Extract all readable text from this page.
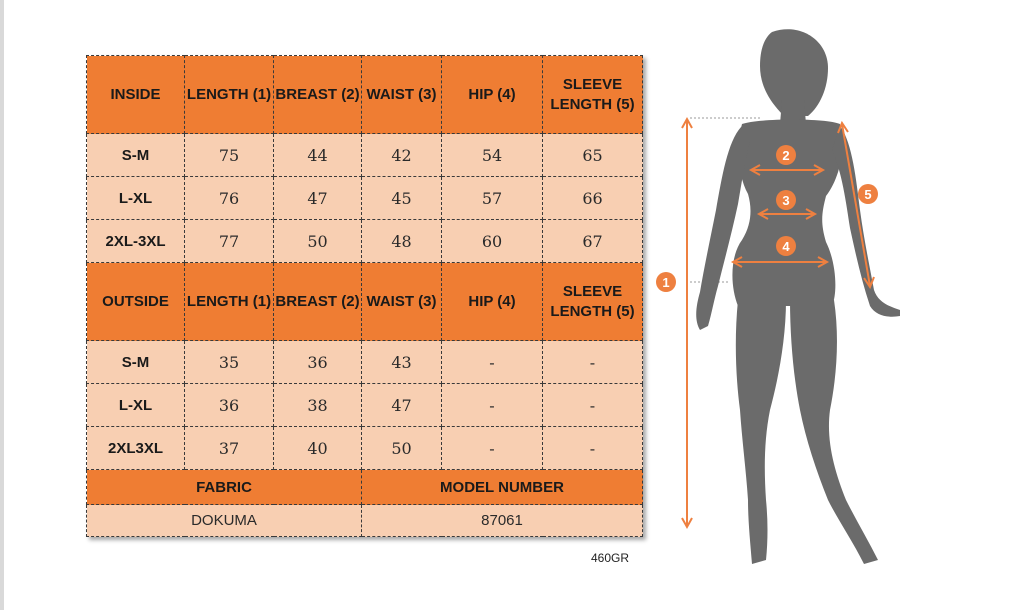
INSIDE	LENGTH (1)	BREAST (2)	WAIST (3)	HIP (4)	SLEEVE LENGTH (5)
S-M	75	44	42	54	65
L-XL	76	47	45	57	66
2XL-3XL	77	50	48	60	67
OUTSIDE	LENGTH (1)	BREAST (2)	WAIST (3)	HIP (4)	SLEEVE LENGTH (5)
S-M	35	36	43	-	-
L-XL	36	38	47	-	-
2XL3XL	37	40	50	-	-
FABRIC			MODEL NUMBER		
DOKUMA			87061		
460GR
1
2
3
4
5
